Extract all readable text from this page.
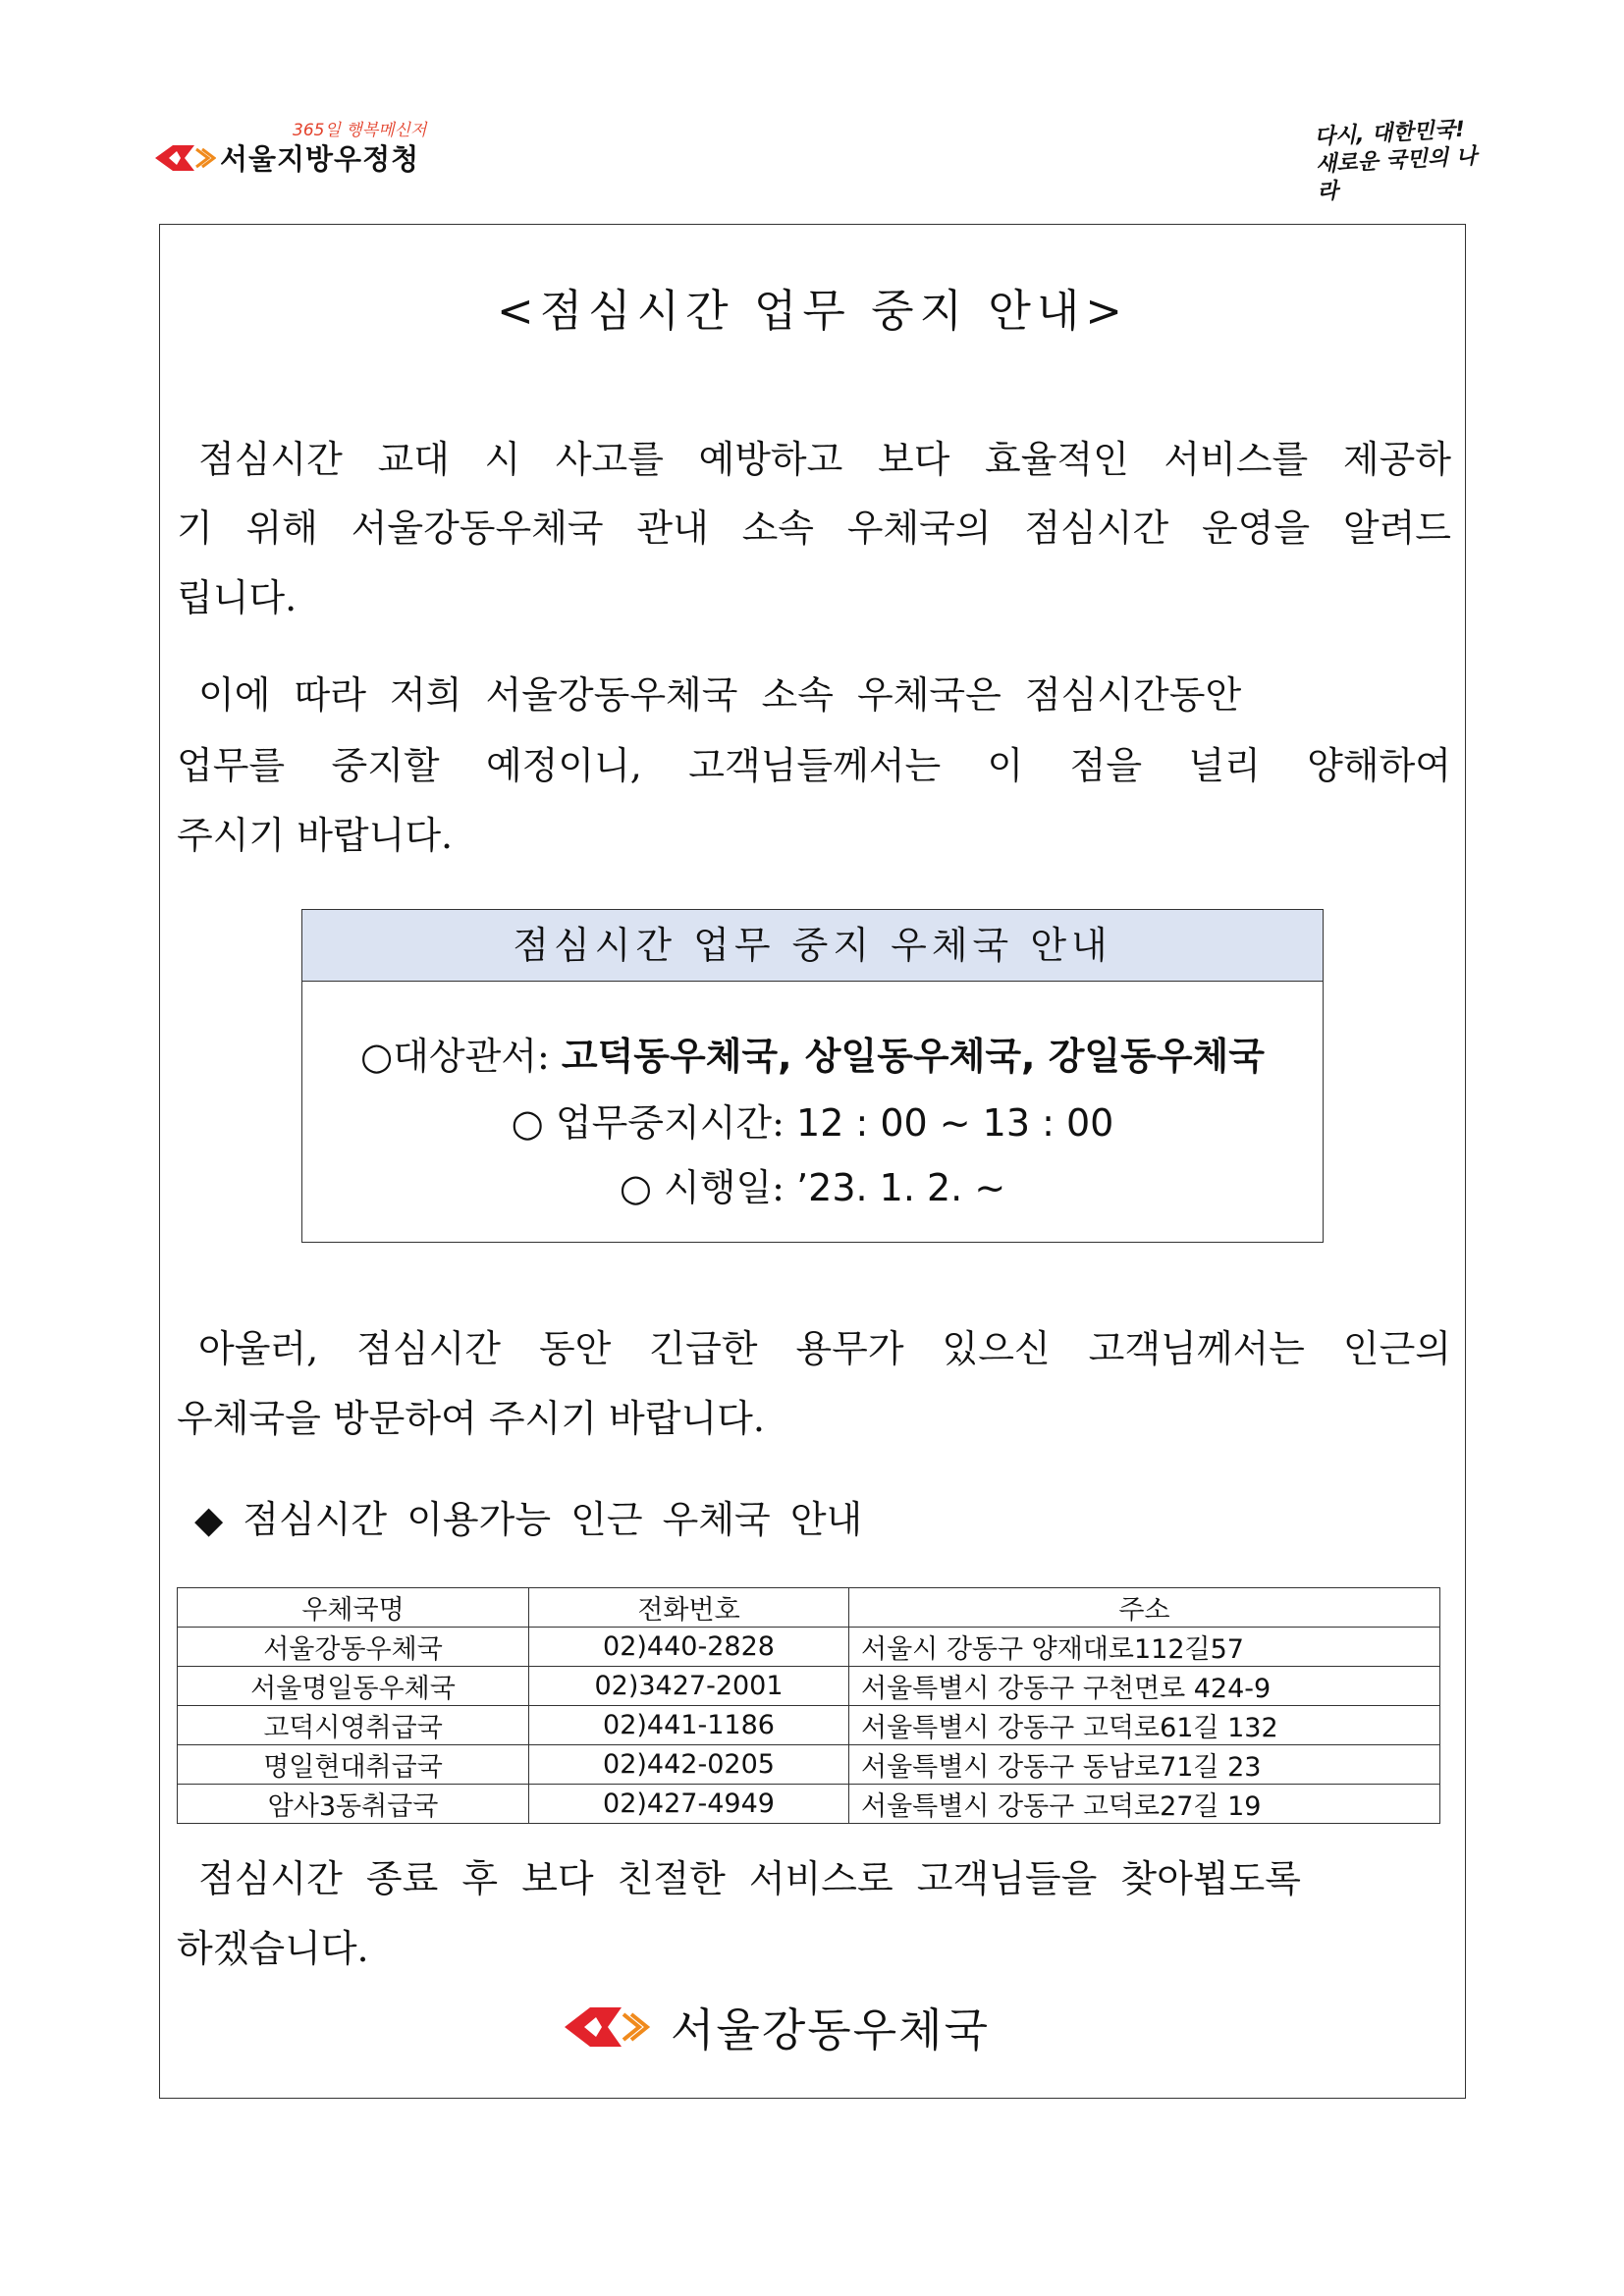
365일 행복메신저
서울지방우정청
다시, 대한민국!
새로운 국민의 나라
<점심시간 업무 중지 안내>
점심시간 교대 시 사고를 예방하고 보다 효율적인 서비스를 제공하
기 위해 서울강동우체국 관내 소속 우체국의 점심시간 운영을 알려드
립니다.
이에 따라 저희 서울강동우체국 소속 우체국은 점심시간동안
업무를 중지할 예정이니, 고객님들께서는 이 점을 널리 양해하여
주시기 바랍니다.
점심시간 업무 중지 우체국 안내
○대상관서: 고덕동우체국, 상일동우체국, 강일동우체국
○ 업무중지시간: 12 : 00 ~ 13 : 00
○ 시행일: ’23. 1. 2. ~
아울러, 점심시간 동안 긴급한 용무가 있으신 고객님께서는 인근의
우체국을 방문하여 주시기 바랍니다.
◆ 점심시간 이용가능 인근 우체국 안내
우체국명	전화번호	주소
서울강동우체국	02)440-2828	서울시 강동구 양재대로112길57
서울명일동우체국	02)3427-2001	서울특별시 강동구 구천면로 424-9
고덕시영취급국	02)441-1186	서울특별시 강동구 고덕로61길 132
명일현대취급국	02)442-0205	서울특별시 강동구 동남로71길 23
암사3동취급국	02)427-4949	서울특별시 강동구 고덕로27길 19
점심시간 종료 후 보다 친절한 서비스로 고객님들을 찾아뵙도록
하겠습니다.
서울강동우체국
